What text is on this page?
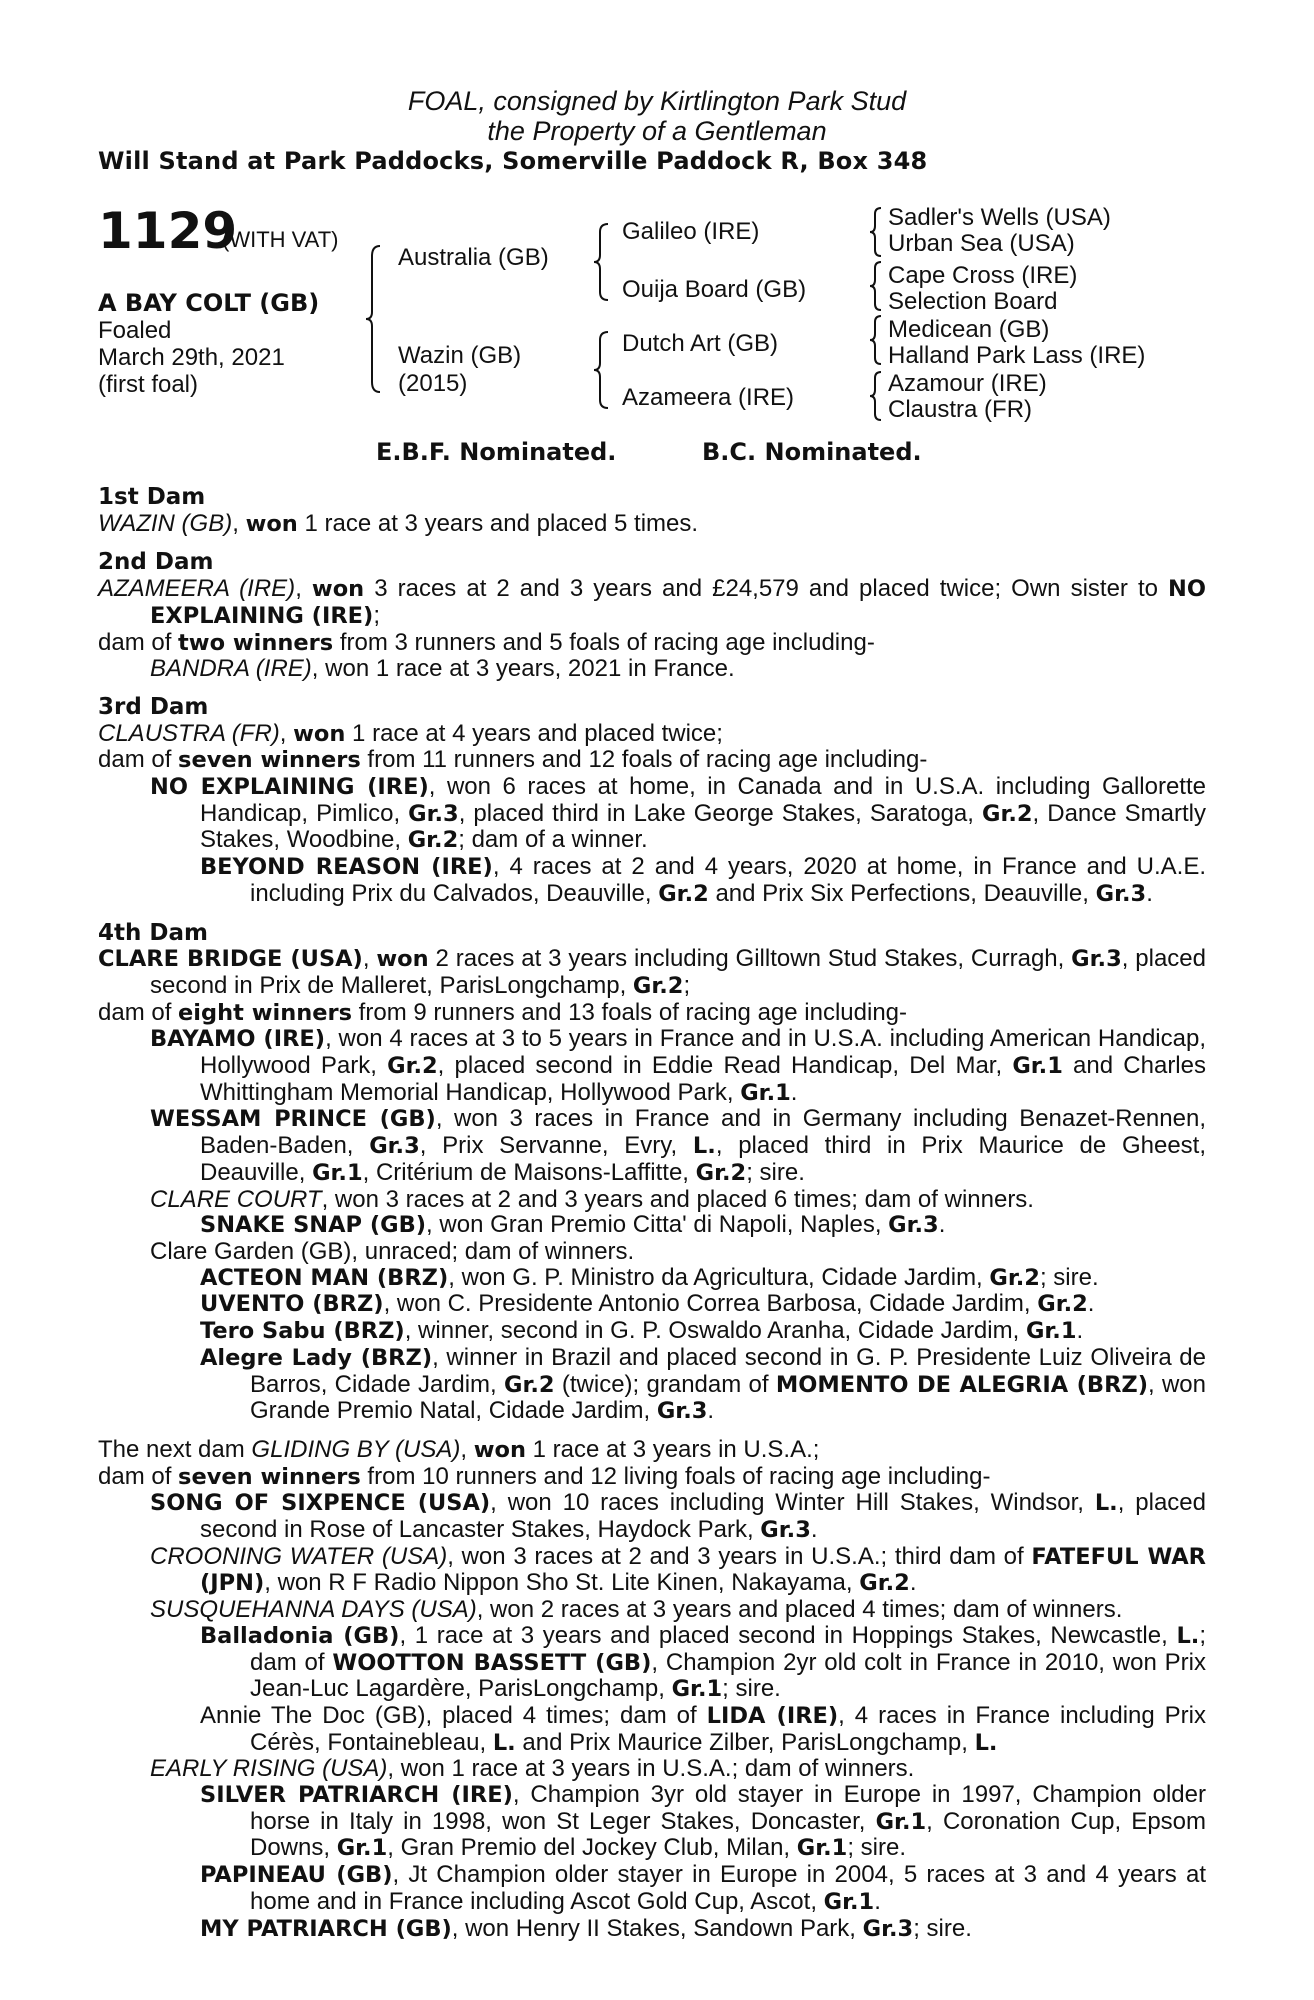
FOAL, consigned by Kirtlington Park Stud
the Property of a Gentleman
Will Stand at Park Paddocks, Somerville Paddock R, Box 348
1129
(WITH VAT)
A BAY COLT (GB)
Foaled
March 29th, 2021
(first foal)
Australia (GB)
Wazin (GB)
(2015)
Galileo (IRE)
Ouija Board (GB)
Dutch Art (GB)
Azameera (IRE)
Sadler's Wells (USA)
Urban Sea (USA)
Cape Cross (IRE)
Selection Board
Medicean (GB)
Halland Park Lass (IRE)
Azamour (IRE)
Claustra (FR)
E.B.F. Nominated.	B.C. Nominated.
1st Dam
WAZIN (GB), won 1 race at 3 years and placed 5 times.
2nd Dam
AZAMEERA (IRE), won 3 races at 2 and 3 years and £24,579 and placed twice; Own sister to NO EXPLAINING (IRE);
dam of two winners from 3 runners and 5 foals of racing age including-
BANDRA (IRE), won 1 race at 3 years, 2021 in France.
3rd Dam
CLAUSTRA (FR), won 1 race at 4 years and placed twice;
dam of seven winners from 11 runners and 12 foals of racing age including-
NO EXPLAINING (IRE), won 6 races at home, in Canada and in U.S.A. including Gallorette Handicap, Pimlico, Gr.3, placed third in Lake George Stakes, Saratoga, Gr.2, Dance Smartly Stakes, Woodbine, Gr.2; dam of a winner.
BEYOND REASON (IRE), 4 races at 2 and 4 years, 2020 at home, in France and U.A.E. including Prix du Calvados, Deauville, Gr.2 and Prix Six Perfections, Deauville, Gr.3.
4th Dam
CLARE BRIDGE (USA), won 2 races at 3 years including Gilltown Stud Stakes, Curragh, Gr.3, placed second in Prix de Malleret, ParisLongchamp, Gr.2;
dam of eight winners from 9 runners and 13 foals of racing age including-
BAYAMO (IRE), won 4 races at 3 to 5 years in France and in U.S.A. including American Handicap, Hollywood Park, Gr.2, placed second in Eddie Read Handicap, Del Mar, Gr.1 and Charles Whittingham Memorial Handicap, Hollywood Park, Gr.1.
WESSAM PRINCE (GB), won 3 races in France and in Germany including Benazet-Rennen, Baden-Baden, Gr.3, Prix Servanne, Evry, L., placed third in Prix Maurice de Gheest, Deauville, Gr.1, Critérium de Maisons-Laffitte, Gr.2; sire.
CLARE COURT, won 3 races at 2 and 3 years and placed 6 times; dam of winners.
SNAKE SNAP (GB), won Gran Premio Citta' di Napoli, Naples, Gr.3.
Clare Garden (GB), unraced; dam of winners.
ACTEON MAN (BRZ), won G. P. Ministro da Agricultura, Cidade Jardim, Gr.2; sire.
UVENTO (BRZ), won C. Presidente Antonio Correa Barbosa, Cidade Jardim, Gr.2.
Tero Sabu (BRZ), winner, second in G. P. Oswaldo Aranha, Cidade Jardim, Gr.1.
Alegre Lady (BRZ), winner in Brazil and placed second in G. P. Presidente Luiz Oliveira de Barros, Cidade Jardim, Gr.2 (twice); grandam of MOMENTO DE ALEGRIA (BRZ), won Grande Premio Natal, Cidade Jardim, Gr.3.
The next dam GLIDING BY (USA), won 1 race at 3 years in U.S.A.;
dam of seven winners from 10 runners and 12 living foals of racing age including-
SONG OF SIXPENCE (USA), won 10 races including Winter Hill Stakes, Windsor, L., placed second in Rose of Lancaster Stakes, Haydock Park, Gr.3.
CROONING WATER (USA), won 3 races at 2 and 3 years in U.S.A.; third dam of FATEFUL WAR (JPN), won R F Radio Nippon Sho St. Lite Kinen, Nakayama, Gr.2.
SUSQUEHANNA DAYS (USA), won 2 races at 3 years and placed 4 times; dam of winners.
Balladonia (GB), 1 race at 3 years and placed second in Hoppings Stakes, Newcastle, L.; dam of WOOTTON BASSETT (GB), Champion 2yr old colt in France in 2010, won Prix Jean-Luc Lagardère, ParisLongchamp, Gr.1; sire.
Annie The Doc (GB), placed 4 times; dam of LIDA (IRE), 4 races in France including Prix Cérès, Fontainebleau, L. and Prix Maurice Zilber, ParisLongchamp, L.
EARLY RISING (USA), won 1 race at 3 years in U.S.A.; dam of winners.
SILVER PATRIARCH (IRE), Champion 3yr old stayer in Europe in 1997, Champion older horse in Italy in 1998, won St Leger Stakes, Doncaster, Gr.1, Coronation Cup, Epsom Downs, Gr.1, Gran Premio del Jockey Club, Milan, Gr.1; sire.
PAPINEAU (GB), Jt Champion older stayer in Europe in 2004, 5 races at 3 and 4 years at home and in France including Ascot Gold Cup, Ascot, Gr.1.
MY PATRIARCH (GB), won Henry II Stakes, Sandown Park, Gr.3; sire.
